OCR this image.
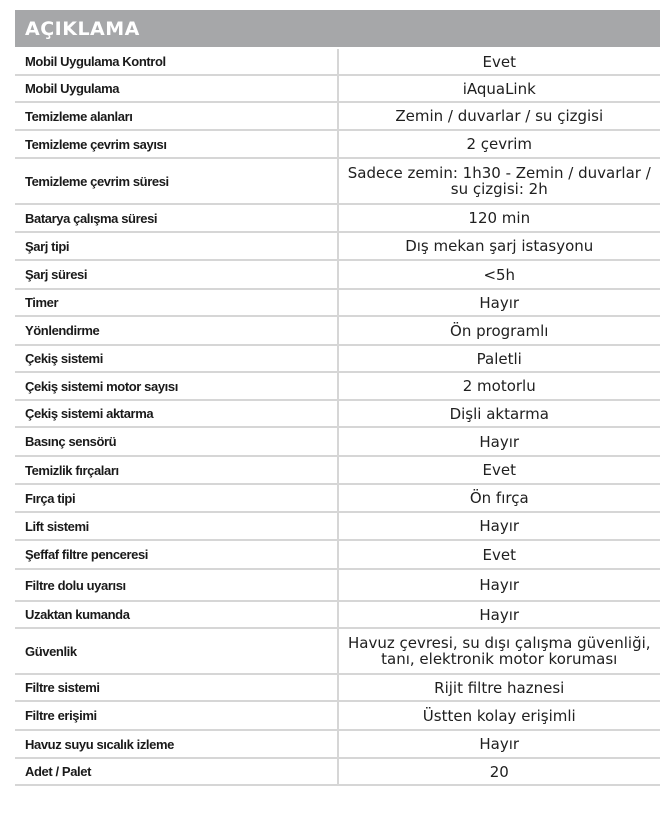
AÇIKLAMA	
Mobil Uygulama Kontrol	Evet
Mobil Uygulama	iAquaLink
Temizleme alanları	Zemin / duvarlar / su çizgisi
Temizleme çevrim sayısı	2 çevrim
Temizleme çevrim süresi	Sadece zemin: 1h30 - Zemin / duvarlar / su çizgisi: 2h
Batarya çalışma süresi	120 min
Şarj tipi	Dış mekan şarj istasyonu
Şarj süresi	<5h
Timer	Hayır
Yönlendirme	Ön programlı
Çekiş sistemi	Paletli
Çekiş sistemi motor sayısı	2 motorlu
Çekiş sistemi aktarma	Dişli aktarma
Basınç sensörü	Hayır
Temizlik fırçaları	Evet
Fırça tipi	Ön fırça
Lift sistemi	Hayır
Şeffaf filtre penceresi	Evet
Filtre dolu uyarısı	Hayır
Uzaktan kumanda	Hayır
Güvenlik	Havuz çevresi, su dışı çalışma güvenliği, tanı, elektronik motor koruması
Filtre sistemi	Rijit filtre haznesi
Filtre erişimi	Üstten kolay erişimli
Havuz suyu sıcalık izleme	Hayır
Adet / Palet	20
